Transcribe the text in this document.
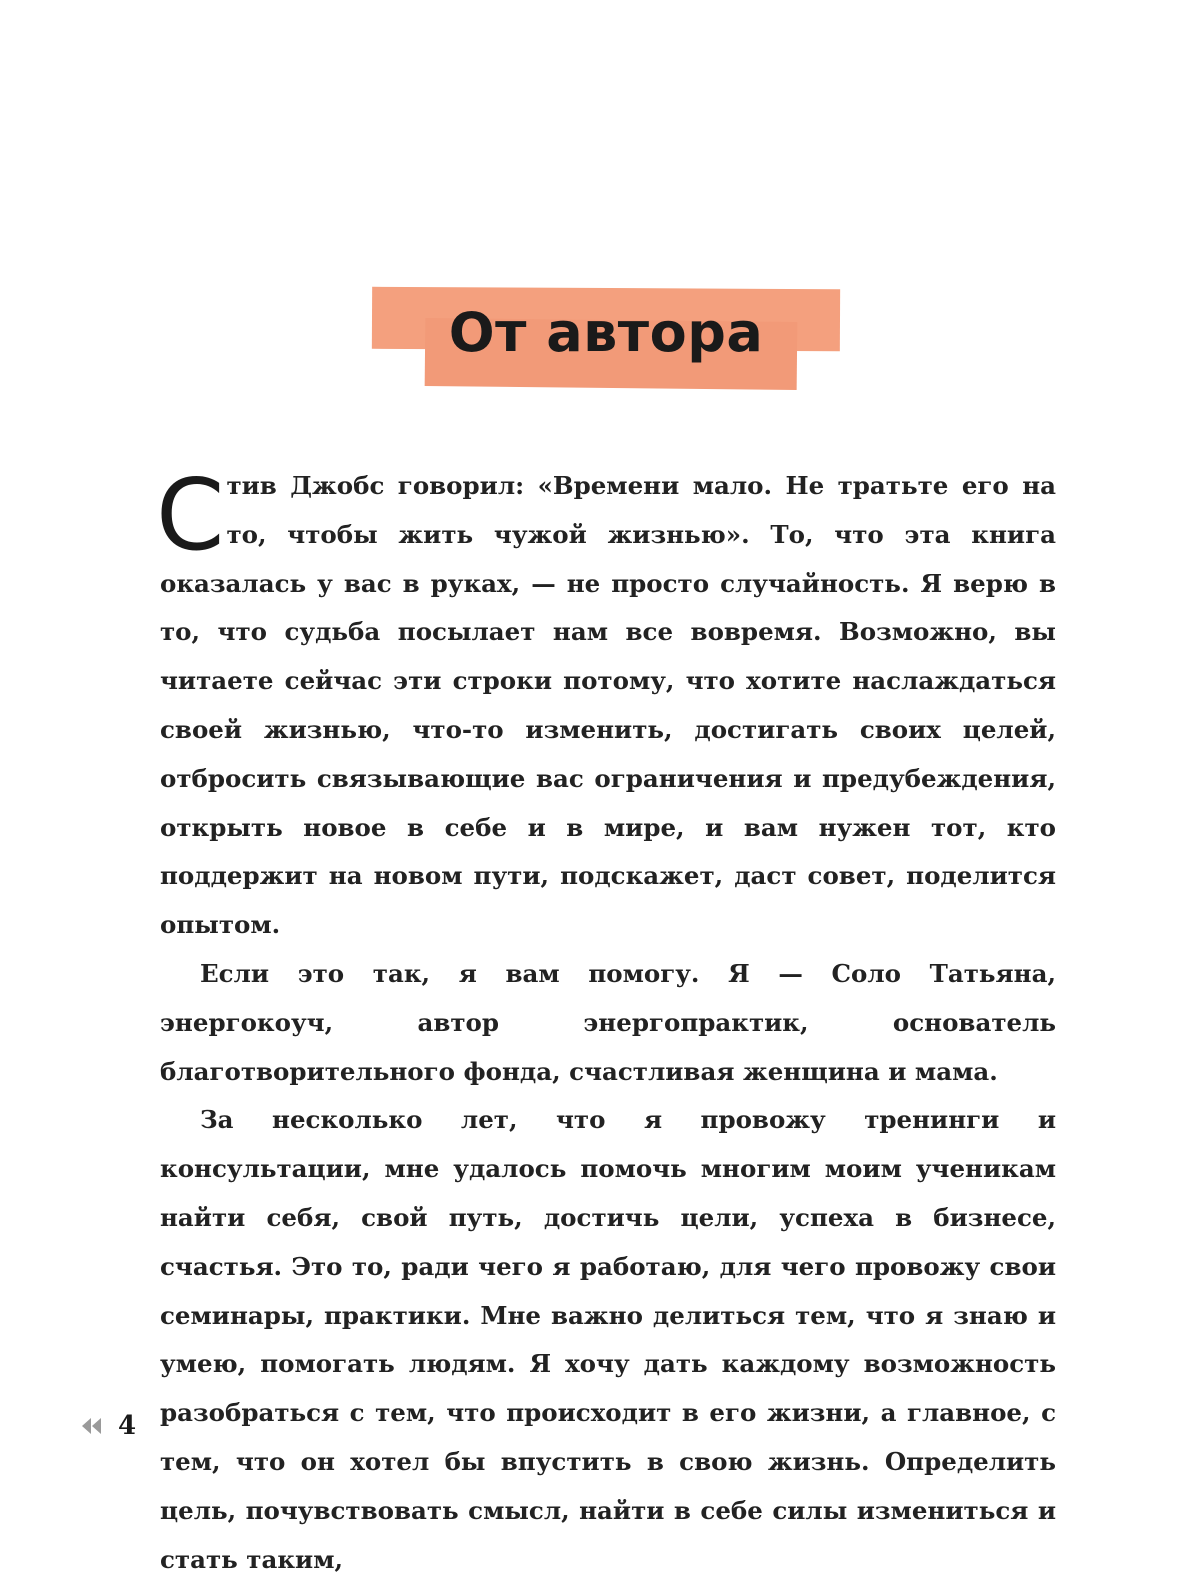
От автора

Стив Джобс говорил: «Времени мало. Не тратьте его на то, чтобы жить чужой жизнью». То, что эта книга оказалась у вас в руках, — не просто случайность. Я верю в то, что судьба посылает нам все вовремя. Возможно, вы читаете сейчас эти строки потому, что хотите наслаждаться своей жизнью, что-то изменить, достигать своих целей, отбросить связывающие вас ограничения и предубеждения, открыть новое в себе и в мире, и вам нужен тот, кто поддержит на новом пути, подскажет, даст совет, поделится опытом.

Если это так, я вам помогу. Я — Соло Татьяна, энергокоуч, автор энергопрактик, основатель благотворительного фонда, счастливая женщина и мама.

За несколько лет, что я провожу тренинги и консультации, мне удалось помочь многим моим ученикам найти себя, свой путь, достичь цели, успеха в бизнесе, счастья. Это то, ради чего я работаю, для чего провожу свои семинары, практики. Мне важно делиться тем, что я знаю и умею, помогать людям. Я хочу дать каждому возможность разобраться с тем, что происходит в его жизни, а главное, с тем, что он хотел бы впустить в свою жизнь. Определить цель, почувствовать смысл, найти в себе силы измениться и стать таким,

4
